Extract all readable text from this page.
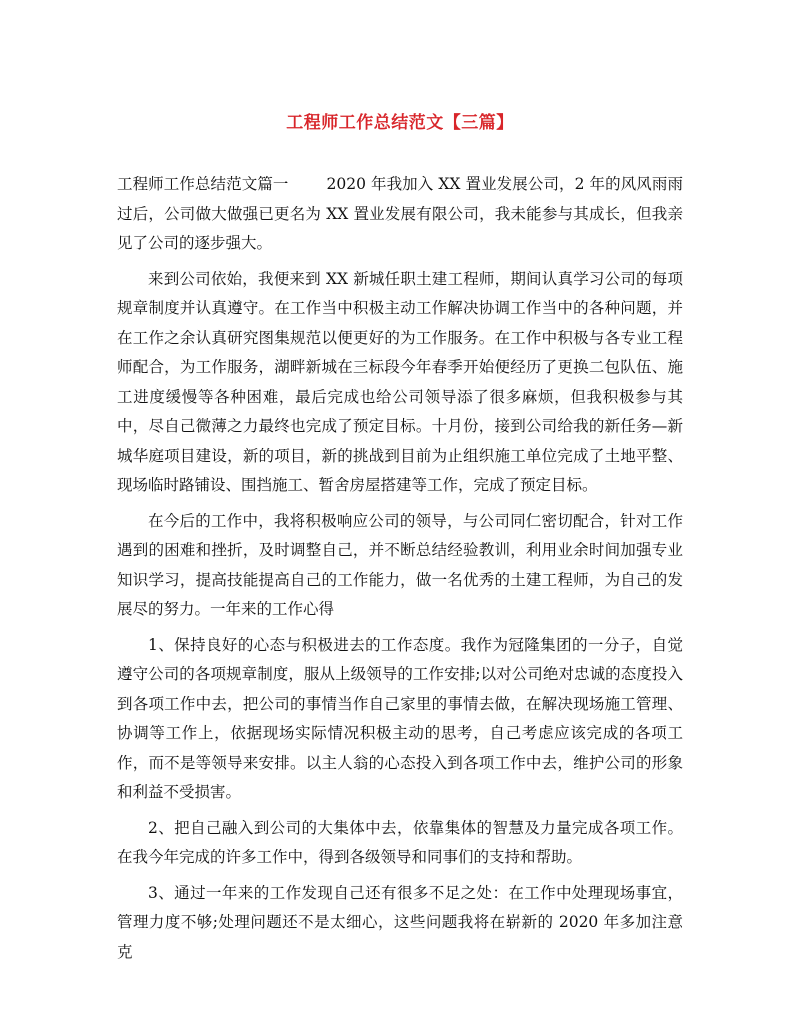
工程师工作总结范文【三篇】

工程师工作总结范文篇一 2020 年我加入 XX 置业发展公司，2 年的风风雨雨过后，公司做大做强已更名为 XX 置业发展有限公司，我未能参与其成长，但我亲见了公司的逐步强大。

来到公司依始，我便来到 XX 新城任职土建工程师，期间认真学习公司的每项规章制度并认真遵守。在工作当中积极主动工作解决协调工作当中的各种问题，并在工作之余认真研究图集规范以便更好的为工作服务。在工作中积极与各专业工程师配合，为工作服务，湖畔新城在三标段今年春季开始便经历了更换二包队伍、施工进度缓慢等各种困难，最后完成也给公司领导添了很多麻烦，但我积极参与其中，尽自己微薄之力最终也完成了预定目标。十月份，接到公司给我的新任务—新城华庭项目建设，新的项目，新的挑战到目前为止组织施工单位完成了土地平整、现场临时路铺设、围挡施工、暂舍房屋搭建等工作，完成了预定目标。

在今后的工作中，我将积极响应公司的领导，与公司同仁密切配合，针对工作遇到的困难和挫折，及时调整自己，并不断总结经验教训，利用业余时间加强专业知识学习，提高技能提高自己的工作能力，做一名优秀的土建工程师，为自己的发展尽的努力。一年来的工作心得

1、保持良好的心态与积极进去的工作态度。我作为冠隆集团的一分子，自觉遵守公司的各项规章制度，服从上级领导的工作安排;以对公司绝对忠诚的态度投入到各项工作中去，把公司的事情当作自己家里的事情去做，在解决现场施工管理、协调等工作上，依据现场实际情况积极主动的思考，自己考虑应该完成的各项工作，而不是等领导来安排。以主人翁的心态投入到各项工作中去，维护公司的形象和利益不受损害。

2、把自己融入到公司的大集体中去，依靠集体的智慧及力量完成各项工作。在我今年完成的许多工作中，得到各级领导和同事们的支持和帮助。

3、通过一年来的工作发现自己还有很多不足之处：在工作中处理现场事宜，管理力度不够;处理问题还不是太细心，这些问题我将在崭新的 2020 年多加注意克
